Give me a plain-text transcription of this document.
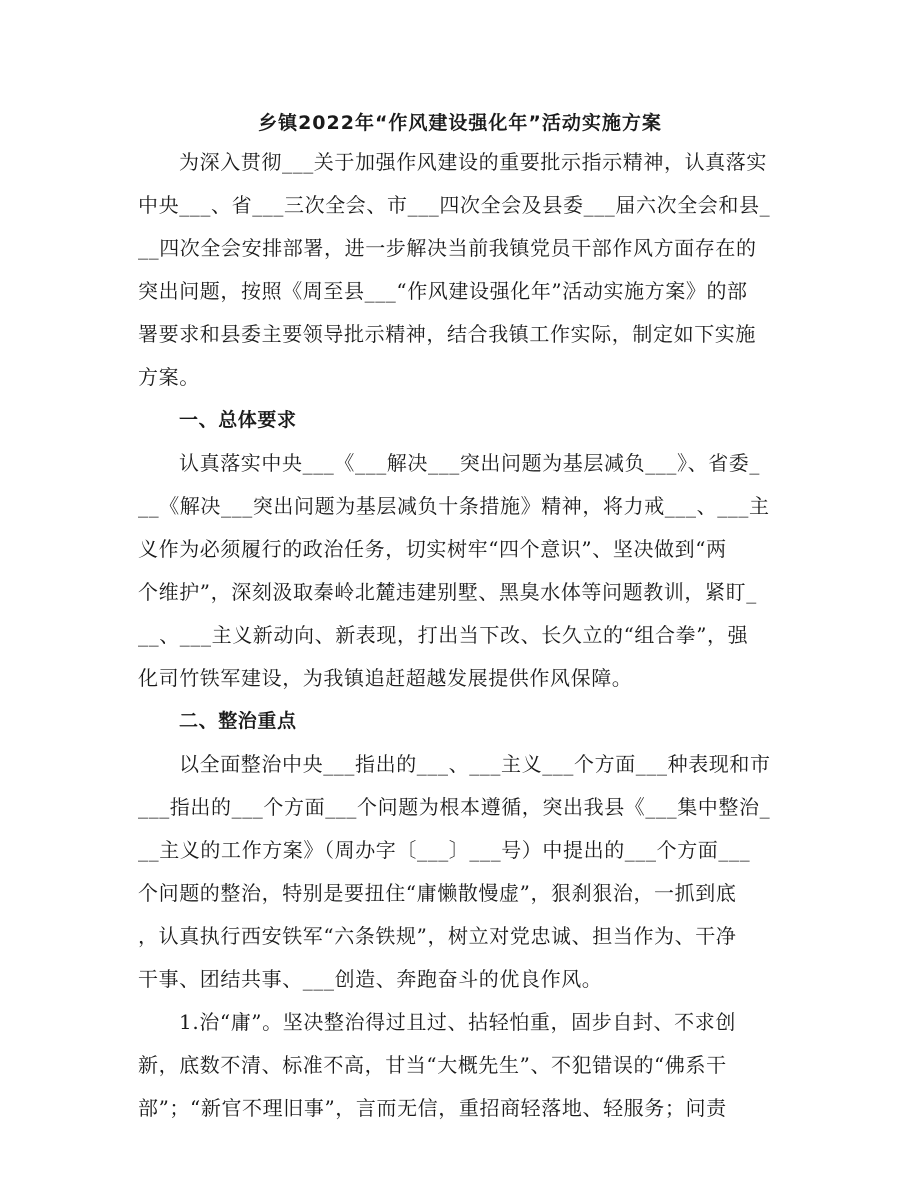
乡镇2022年“作风建设强化年”活动实施方案
为深入贯彻___关于加强作风建设的重要批示指示精神，认真落实
中央___、省___三次全会、市___四次全会及县委___届六次全会和县_
__四次全会安排部署，进一步解决当前我镇党员干部作风方面存在的
突出问题，按照《周至县___“作风建设强化年”活动实施方案》的部
署要求和县委主要领导批示精神，结合我镇工作实际，制定如下实施
方案。
一、总体要求
认真落实中央___《___解决___突出问题为基层减负___》、省委_
__《解决___突出问题为基层减负十条措施》精神，将力戒___、___主
义作为必须履行的政治任务，切实树牢“四个意识”、坚决做到“两
个维护”，深刻汲取秦岭北麓违建别墅、黑臭水体等问题教训，紧盯_
__、___主义新动向、新表现，打出当下改、长久立的“组合拳”，强
化司竹铁军建设，为我镇追赶超越发展提供作风保障。
二、整治重点
以全面整治中央___指出的___、___主义___个方面___种表现和市
___指出的___个方面___个问题为根本遵循，突出我县《___集中整治_
__主义的工作方案》（周办字〔___〕___号）中提出的___个方面___
个问题的整治，特别是要扭住“庸懒散慢虚”，狠刹狠治，一抓到底
，认真执行西安铁军“六条铁规”，树立对党忠诚、担当作为、干净
干事、团结共事、___创造、奔跑奋斗的优良作风。
1.治“庸”。坚决整治得过且过、拈轻怕重，固步自封、不求创
新，底数不清、标准不高，甘当“大概先生”、不犯错误的“佛系干
部”；“新官不理旧事”，言而无信，重招商轻落地、轻服务；问责
